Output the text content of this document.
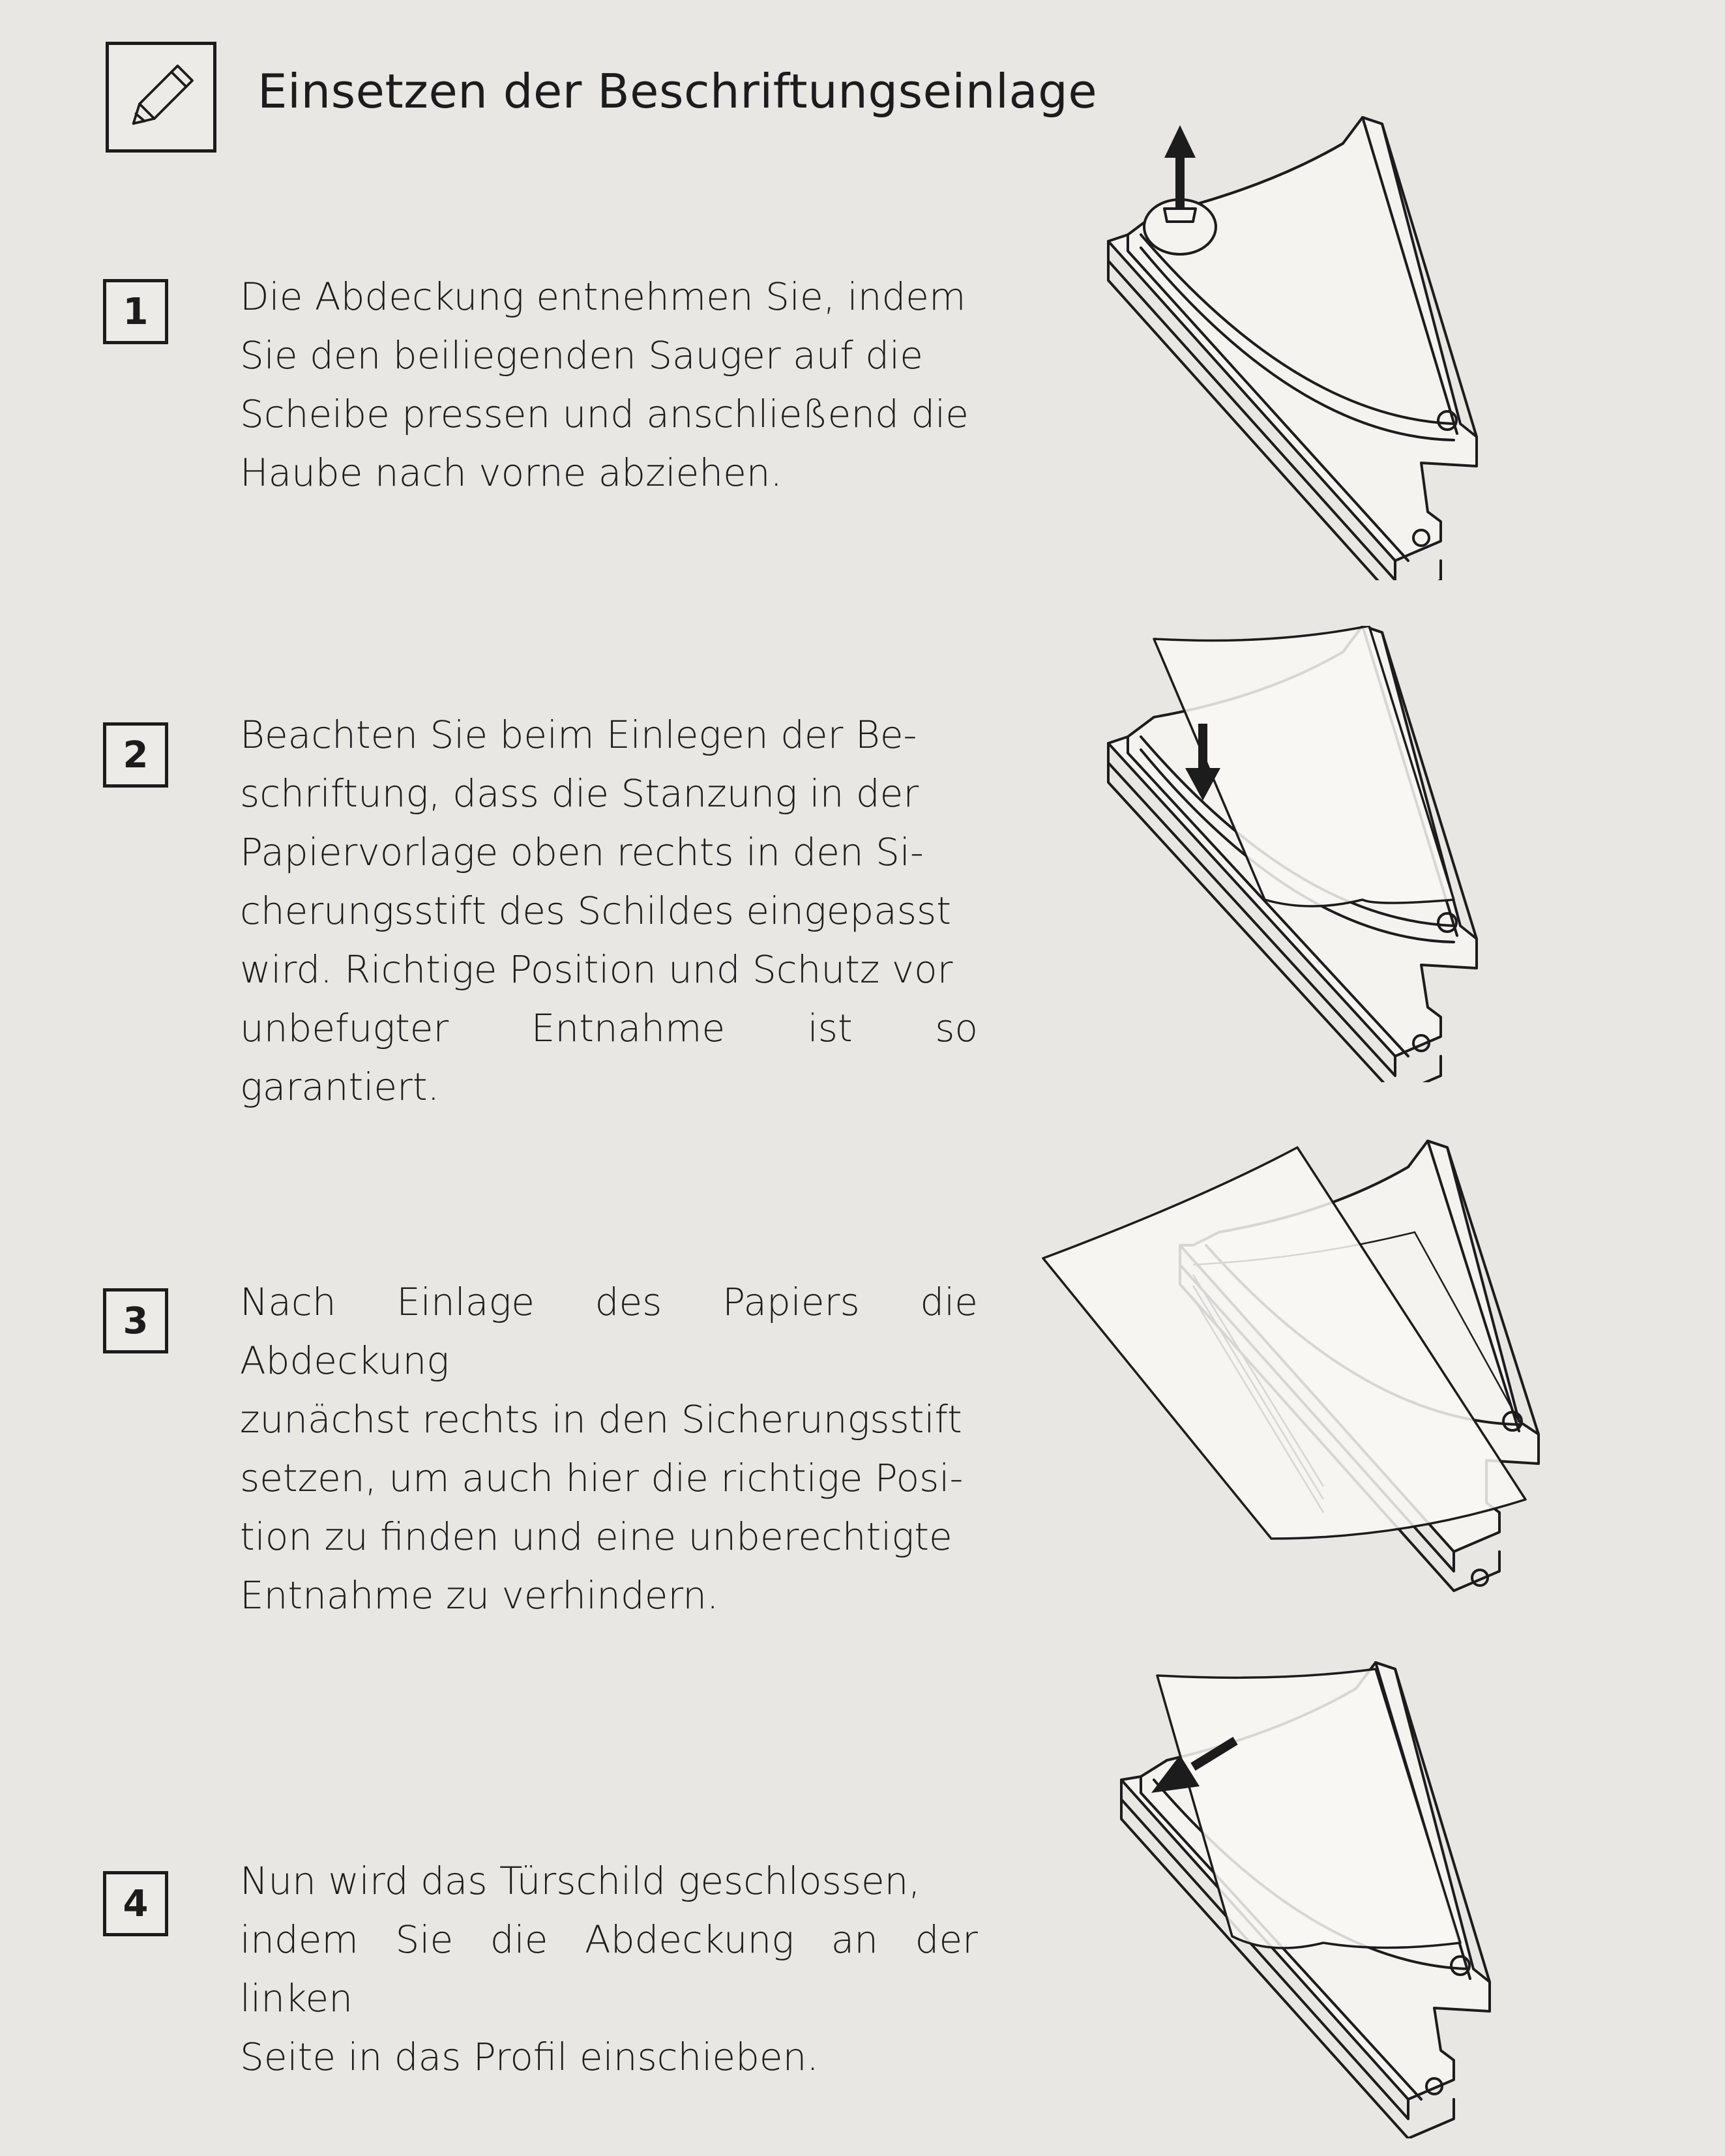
Einsetzen der Beschriftungseinlage
1	Die Abdeckung entnehmen Sie, indem
Sie den beiliegenden Sauger auf die
Scheibe pressen und anschließend die
Haube nach vorne abziehen.
2	Beachten Sie beim Einlegen der Be-
schriftung, dass die Stanzung in der
Papiervorlage oben rechts in den Si-
cherungsstift des Schildes eingepasst
wird. Richtige Position und Schutz vor
unbefugter Entnahme ist so garantiert.
3	Nach Einlage des Papiers die Abdeckung
zunächst rechts in den Sicherungsstift
setzen, um auch hier die richtige Posi-
tion zu finden und eine unberechtigte
Entnahme zu verhindern.
4
Nun wird das Türschild geschlossen,
indem Sie die Abdeckung an der linken
Seite in das Profil einschieben.
